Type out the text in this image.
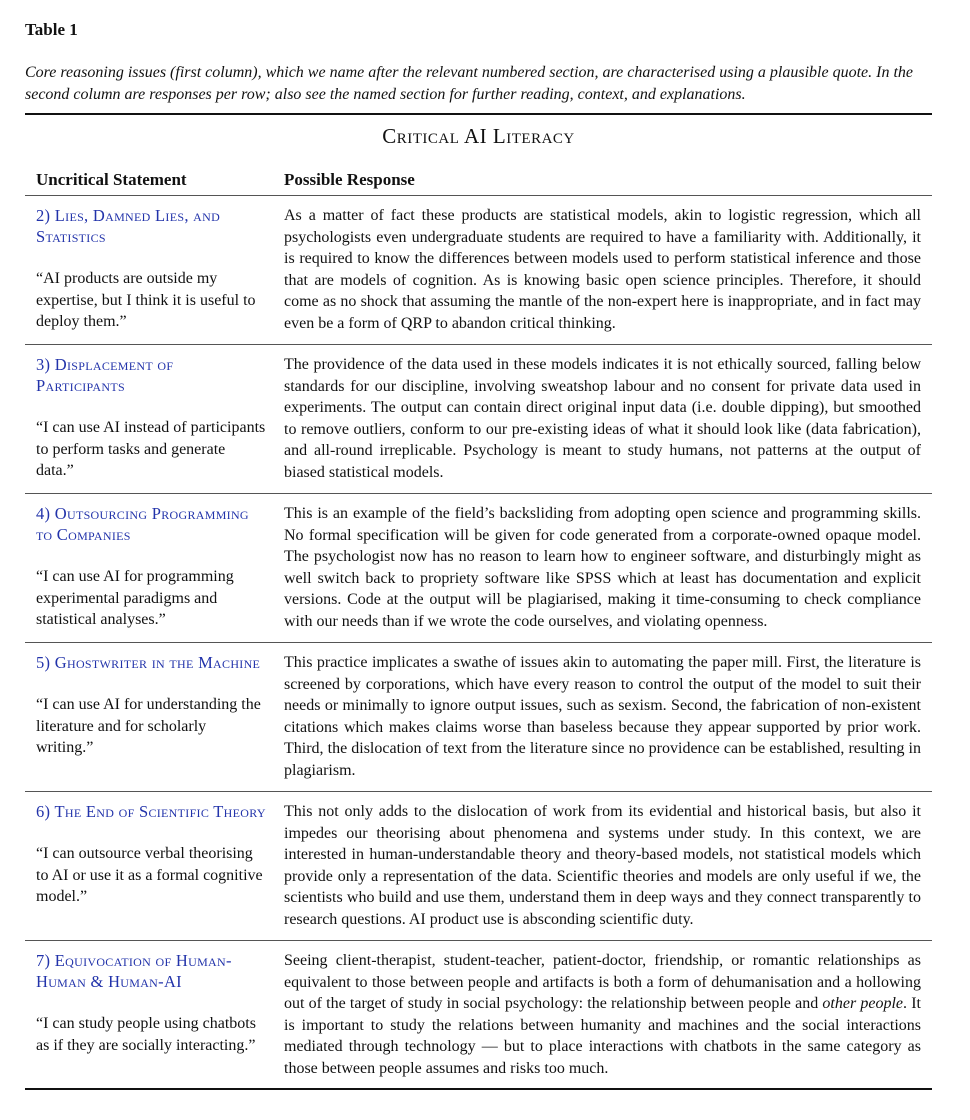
Table 1
Core reasoning issues (first column), which we name after the relevant numbered section, are characterised using a plausible quote. In the second column are responses per row; also see the named section for further reading, context, and explanations.
Critical AI Literacy
Uncritical Statement	Possible Response
2) Lies, Damned Lies, and Statistics
“AI products are outside my expertise, but I think it is useful to deploy them.”
As a matter of fact these products are statistical models, akin to logistic regression, which all psychologists even undergraduate students are required to have a familiarity with. Additionally, it is required to know the differences between models used to perform statistical inference and those that are models of cognition. As is knowing basic open science principles. Therefore, it should come as no shock that assuming the mantle of the non-expert here is inappropriate, and in fact may even be a form of QRP to abandon critical thinking.
3) Displacement of Participants
“I can use AI instead of participants to perform tasks and generate data.”
The providence of the data used in these models indicates it is not ethically sourced, falling below standards for our discipline, involving sweatshop labour and no consent for private data used in experiments. The output can contain direct original input data (i.e. double dipping), but smoothed to remove outliers, conform to our pre-existing ideas of what it should look like (data fabrication), and all-round irreplicable. Psychology is meant to study humans, not patterns at the output of biased statistical models.
4) Outsourcing Programming to Companies
“I can use AI for programming experimental paradigms and statistical analyses.”
This is an example of the field’s backsliding from adopting open science and programming skills. No formal specification will be given for code generated from a corporate-owned opaque model. The psychologist now has no reason to learn how to engineer software, and disturbingly might as well switch back to propriety software like SPSS which at least has documentation and explicit versions. Code at the output will be plagiarised, making it time-consuming to check compliance with our needs than if we wrote the code ourselves, and violating openness.
5) Ghostwriter in the Machine
“I can use AI for understanding the literature and for scholarly writing.”
This practice implicates a swathe of issues akin to automating the paper mill. First, the literature is screened by corporations, which have every reason to control the output of the model to suit their needs or minimally to ignore output issues, such as sexism. Second, the fabrication of non-existent citations which makes claims worse than baseless because they appear supported by prior work. Third, the dislocation of text from the literature since no providence can be established, resulting in plagiarism.
6) The End of Scientific Theory
“I can outsource verbal theorising to AI or use it as a formal cognitive model.”
This not only adds to the dislocation of work from its evidential and historical basis, but also it impedes our theorising about phenomena and systems under study. In this context, we are interested in human-understandable theory and theory-based models, not statistical models which provide only a representation of the data. Scientific theories and models are only useful if we, the scientists who build and use them, understand them in deep ways and they connect transparently to research questions. AI product use is absconding scientific duty.
7) Equivocation of Human-Human & Human-AI
“I can study people using chatbots as if they are socially interacting.”
Seeing client-therapist, student-teacher, patient-doctor, friendship, or romantic relationships as equivalent to those between people and artifacts is both a form of dehumanisation and a hollowing out of the target of study in social psychology: the relationship between people and other people. It is important to study the relations between humanity and machines and the social interactions mediated through technology — but to place interactions with chatbots in the same category as those between people assumes and risks too much.
